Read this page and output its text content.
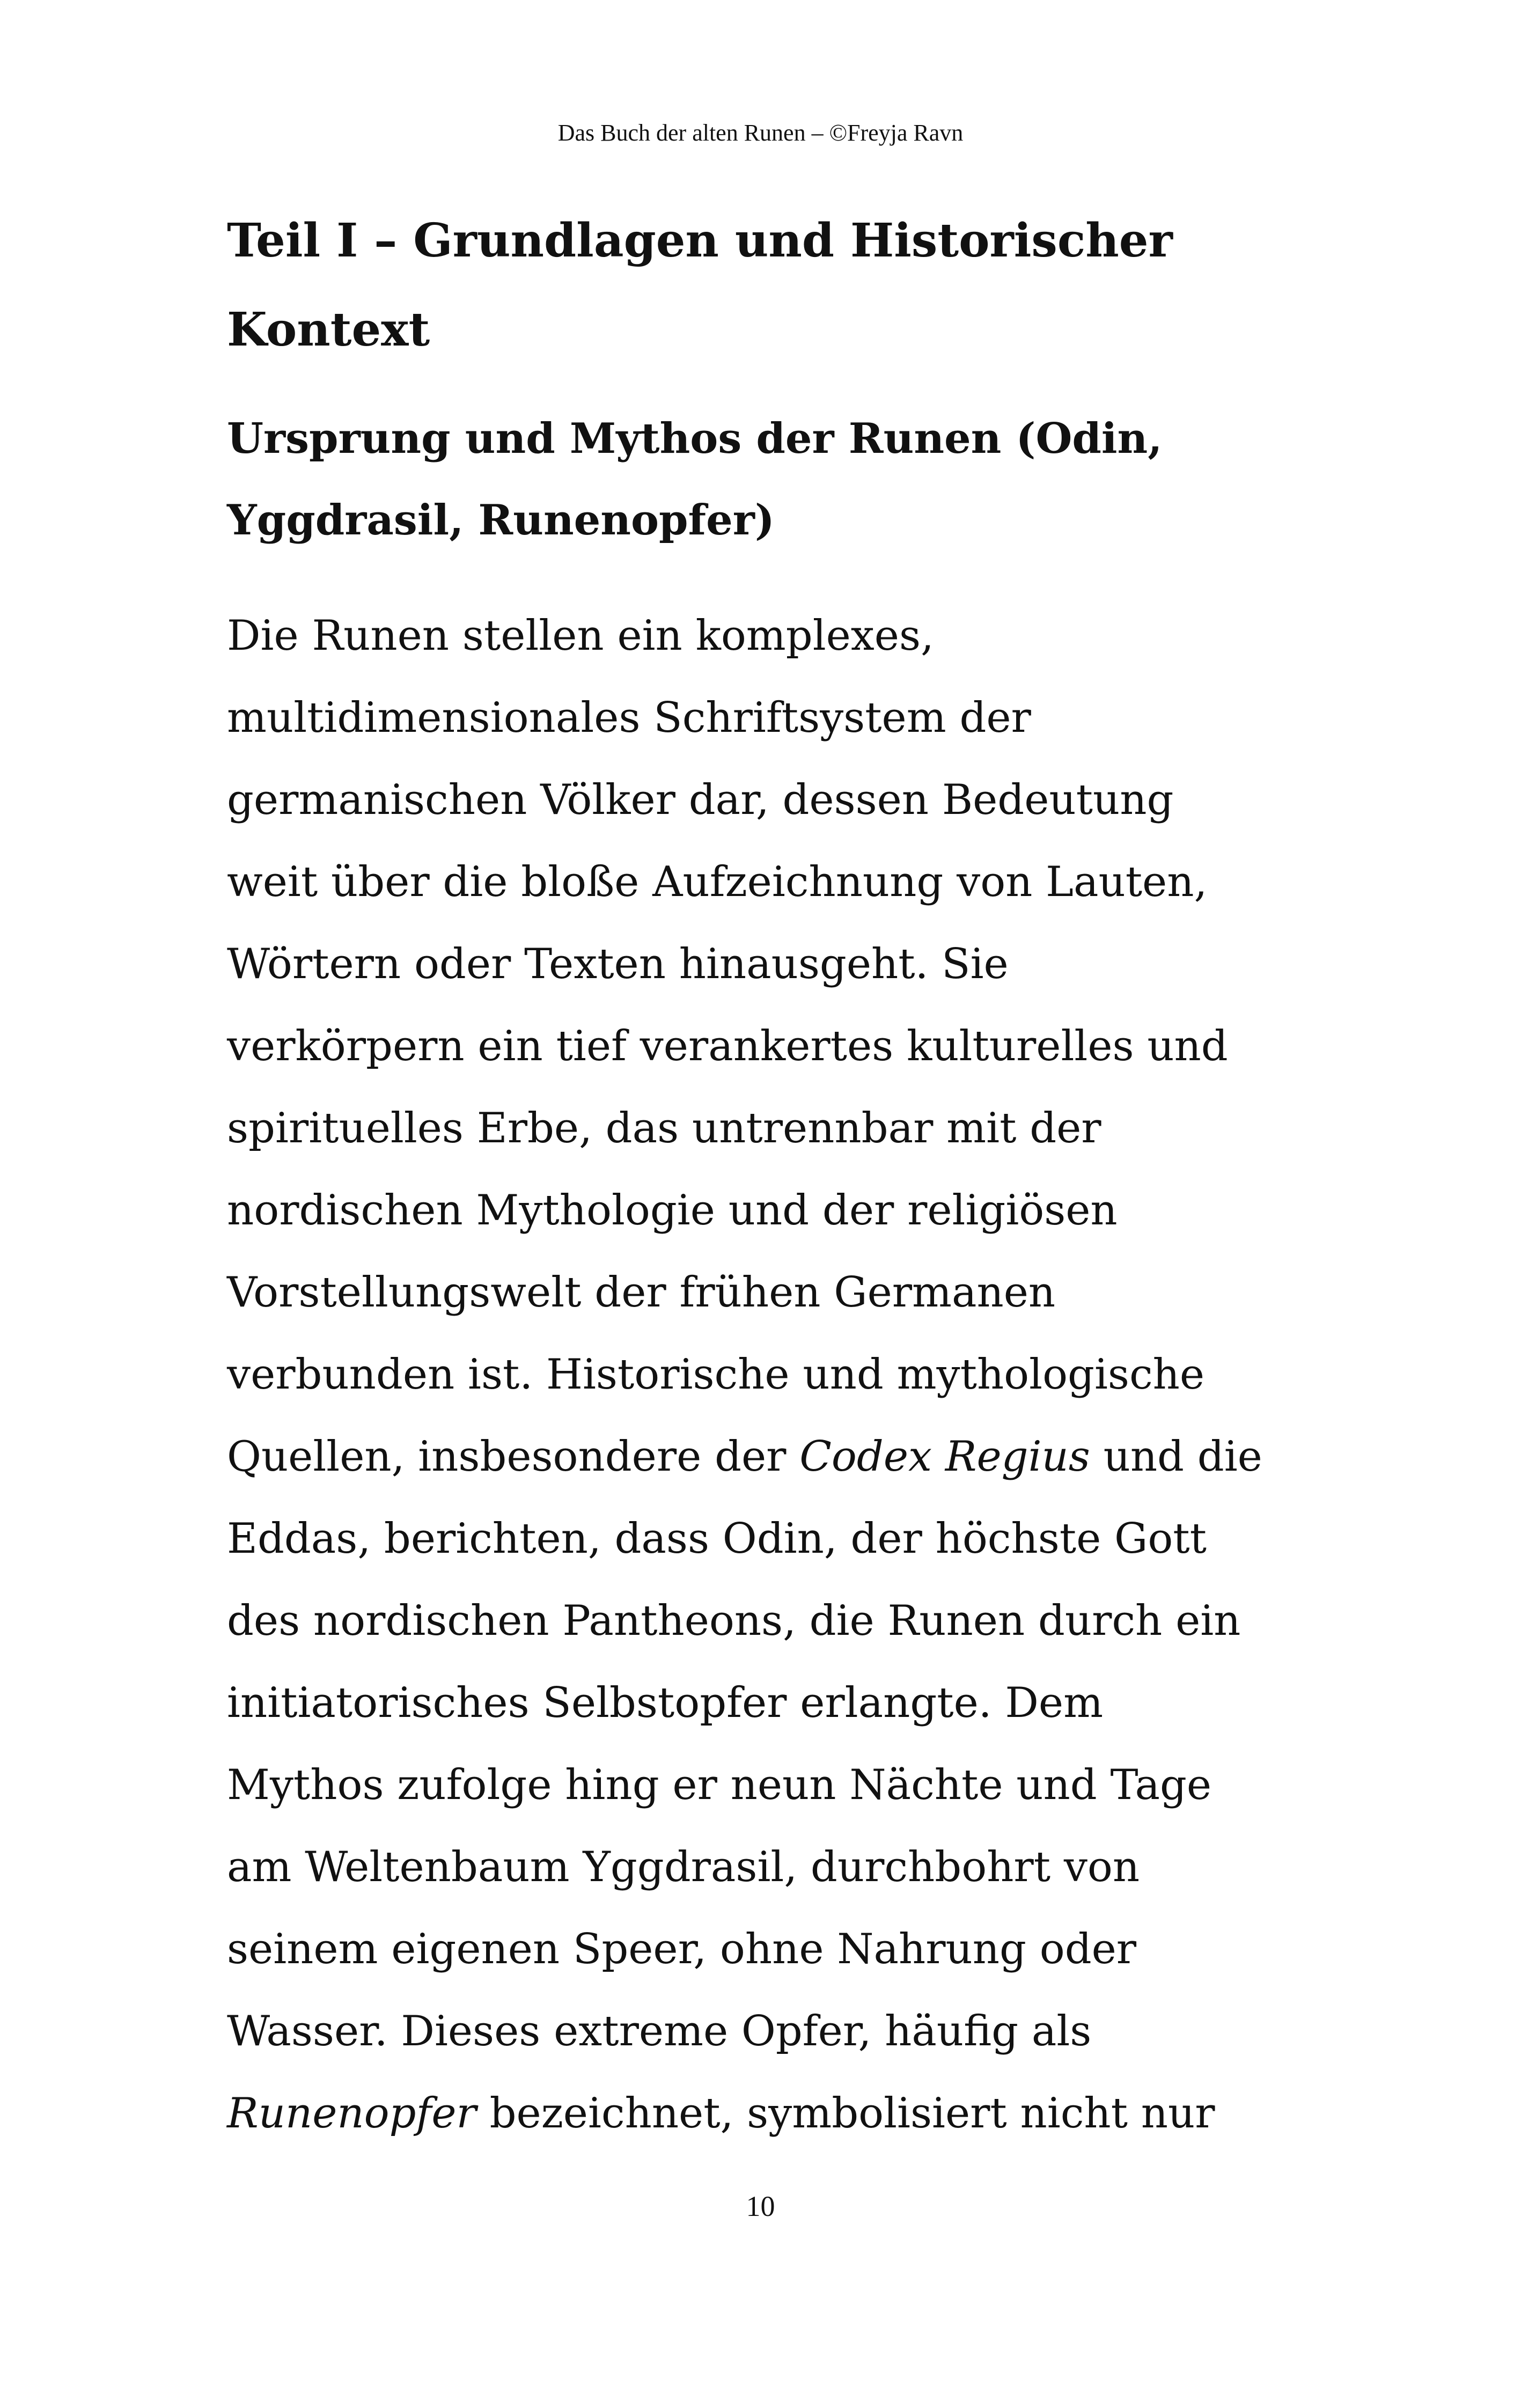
Das Buch der alten Runen – ©Freyja Ravn
Teil I – Grundlagen und Historischer
Kontext
Ursprung und Mythos der Runen (Odin,
Yggdrasil, Runenopfer)
Die Runen stellen ein komplexes,
multidimensionales Schriftsystem der
germanischen Völker dar, dessen Bedeutung
weit über die bloße Aufzeichnung von Lauten,
Wörtern oder Texten hinausgeht. Sie
verkörpern ein tief verankertes kulturelles und
spirituelles Erbe, das untrennbar mit der
nordischen Mythologie und der religiösen
Vorstellungswelt der frühen Germanen
verbunden ist. Historische und mythologische
Quellen, insbesondere der Codex Regius und die
Eddas, berichten, dass Odin, der höchste Gott
des nordischen Pantheons, die Runen durch ein
initiatorisches Selbstopfer erlangte. Dem
Mythos zufolge hing er neun Nächte und Tage
am Weltenbaum Yggdrasil, durchbohrt von
seinem eigenen Speer, ohne Nahrung oder
Wasser. Dieses extreme Opfer, häufig als
Runenopfer bezeichnet, symbolisiert nicht nur
10
